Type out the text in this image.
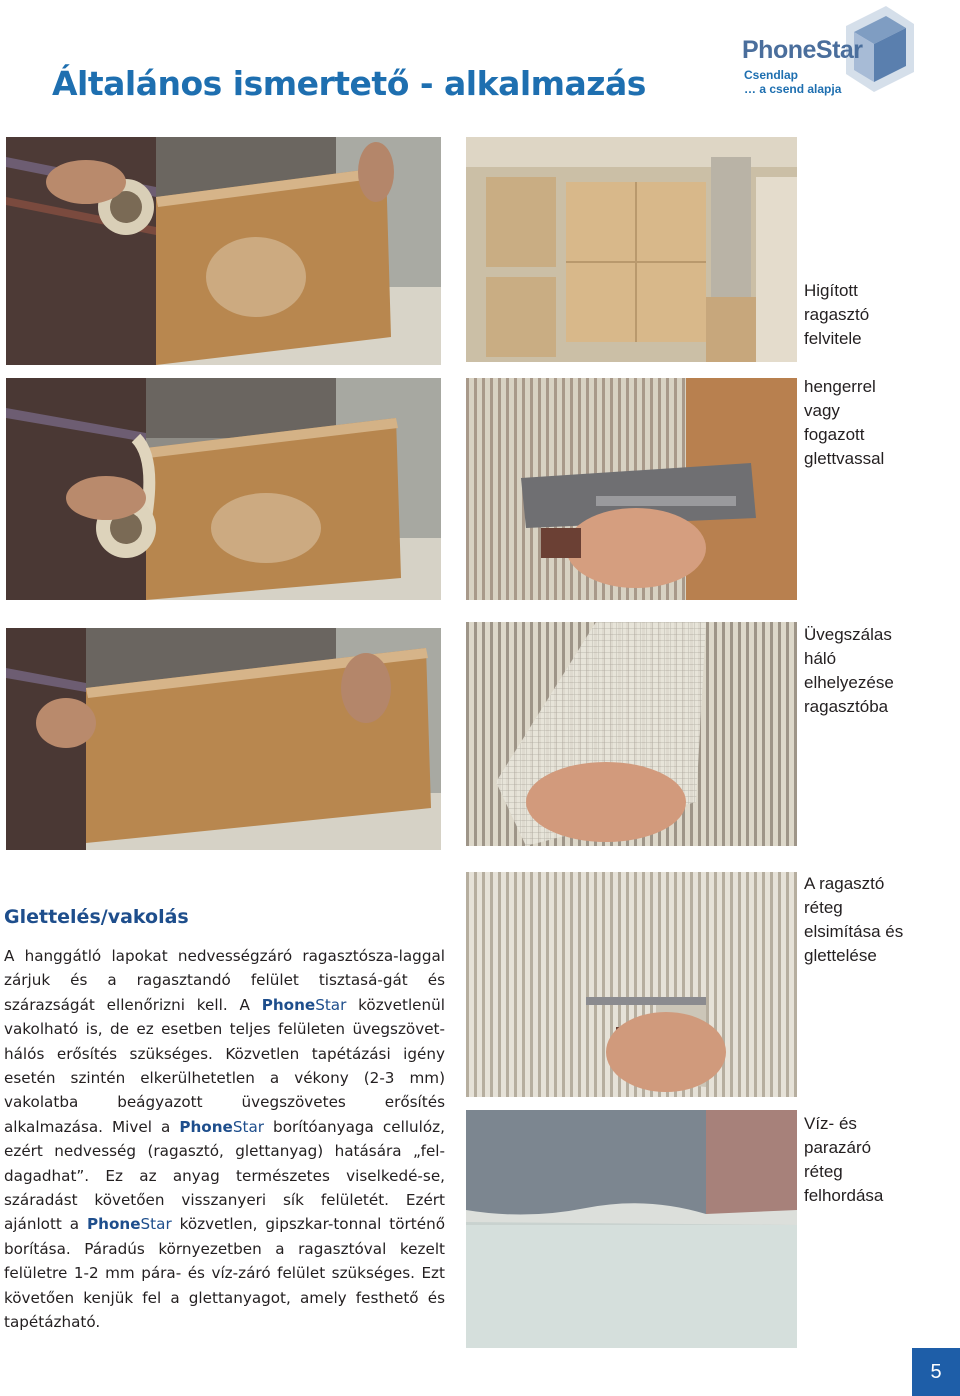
Általános ismertető - alkalmazás
PhoneStar
Csendlap
… a csend alapja
Higított
ragasztó
felvitele
hengerrel
vagy
fogazott
glettvassal
Üvegszálas
háló
elhelyezése
ragasztóba
A ragasztó
réteg
elsimítása és
glettelése
Víz- és
parazáró
réteg
felhordása
Glettelés/vakolás

A hanggátló lapokat nedvességzáró ragasztósza-laggal zárjuk és a ragasztandó felület tisztasá-gát és szárazságát ellenőrizni kell. A PhoneStar közvetlenül vakolható is, de ez esetben teljes felületen üvegszövet-hálós erősítés szükséges. Közvetlen tapétázási igény esetén szintén elkerülhetetlen a vékony (2-3 mm) vakolatba beágyazott üvegszövetes erősítés alkalmazása. Mivel a PhoneStar borítóanyaga cellulóz, ezért nedvesség (ragasztó, glettanyag) hatására „fel-dagadhat”. Ez az anyag természetes viselkedé-se, száradást követően visszanyeri sík felületét. Ezért ajánlott a PhoneStar közvetlen, gipszkar-tonnal történő borítása. Páradús környezetben a ragasztóval kezelt felületre 1-2 mm pára- és víz-záró felület szükséges. Ezt követően kenjük fel a glettanyagot, amely festhető és tapétázható.

5
